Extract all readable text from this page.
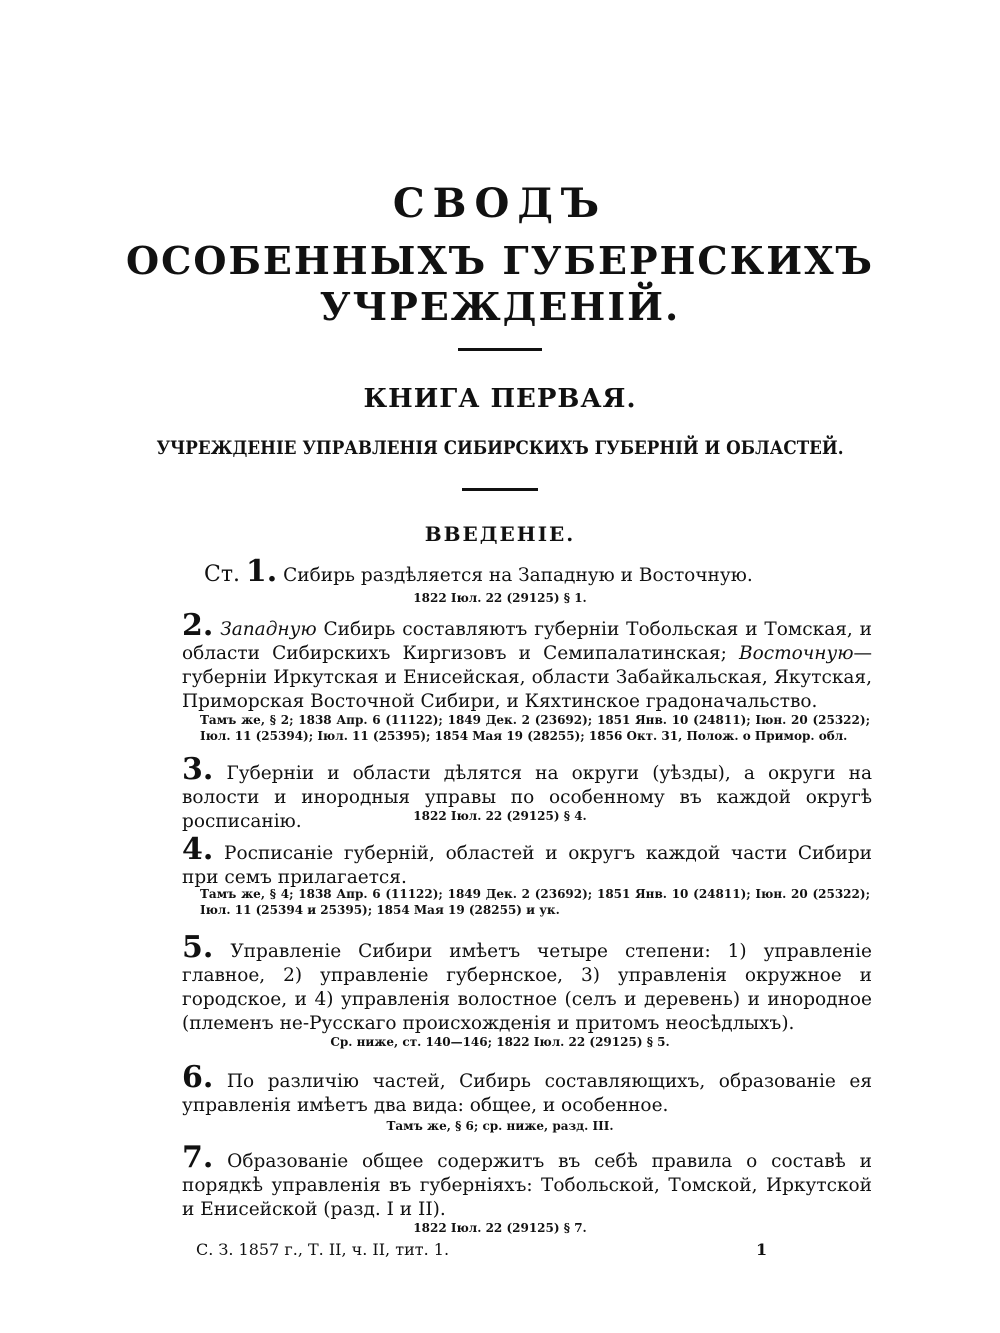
СВОДЪ
ОСОБЕННЫХЪ ГУБЕРНСКИХЪ
УЧРЕЖДЕНІЙ.
КНИГА ПЕРВАЯ.
УЧРЕЖДЕНІЕ УПРАВЛЕНІЯ СИБИРСКИХЪ ГУБЕРНІЙ И ОБЛАСТЕЙ.
ВВЕДЕНІЕ.
Ст. 1. Сибирь раздѣляется на Западную и Восточную.
1822 Іюл. 22 (29125) § 1.
2. Западную Сибирь составляютъ губерніи Тобольская и Томская, и области Сибирскихъ Киргизовъ и Семипалатинская; Восточную—губерніи Иркутская и Енисейская, области Забайкальская, Якутская, Приморская Восточной Сибири, и Кяхтинское градоначальство.
Тамъ же, § 2; 1838 Апр. 6 (11122); 1849 Дек. 2 (23692); 1851 Янв. 10 (24811); Іюн. 20 (25322); Іюл. 11 (25394); Іюл. 11 (25395); 1854 Мая 19 (28255); 1856 Окт. 31, Полож. о Примор. обл.
3. Губерніи и области дѣлятся на округи (уѣзды), а округи на волости и инородныя управы по особенному въ каждой округѣ росписанію.	1822 Іюл. 22 (29125) § 4.
4. Росписаніе губерній, областей и округъ каждой части Сибири при семъ прилагается.
Тамъ же, § 4; 1838 Апр. 6 (11122); 1849 Дек. 2 (23692); 1851 Янв. 10 (24811); Іюн. 20 (25322); Іюл. 11 (25394 и 25395); 1854 Мая 19 (28255) и ук.
5. Управленіе Сибири имѣетъ четыре степени: 1) управленіе главное, 2) управленіе губернское, 3) управленія окружное и городское, и 4) управленія волостное (селъ и деревень) и инородное (племенъ не-Русскаго происхожденія и притомъ неосѣдлыхъ).
Ср. ниже, ст. 140—146; 1822 Іюл. 22 (29125) § 5.
6. По различію частей, Сибирь составляющихъ, образованіе ея управленія имѣетъ два вида: общее, и особенное.
Тамъ же, § 6; ср. ниже, разд. III.
7. Образованіе общее содержитъ въ себѣ правила о составѣ и порядкѣ управленія въ губерніяхъ: Тобольской, Томской, Иркутской и Енисейской (разд. I и II).
1822 Іюл. 22 (29125) § 7.
С. З. 1857 г., Т. II, ч. II, тит. 1.	1
